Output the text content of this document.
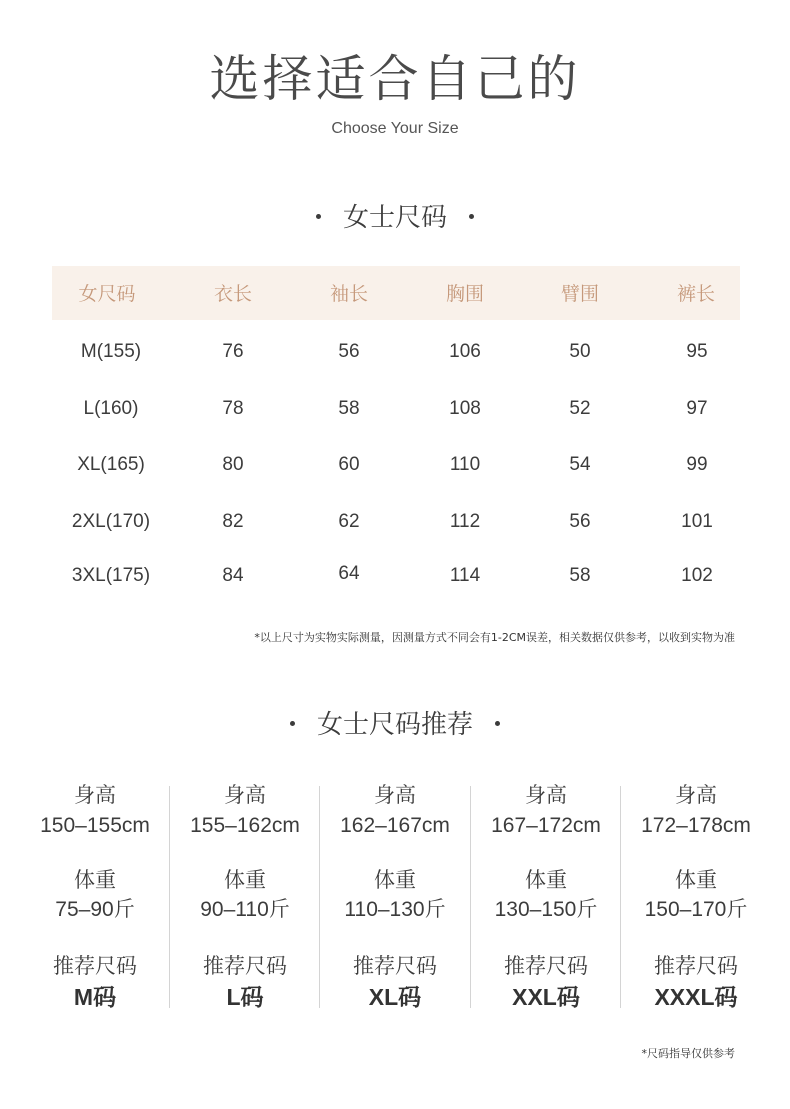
选择适合自己的
Choose Your Size
女士尺码
女尺码	衣长	袖长	胸围	臂围	裤长
M(155)	76	56	106	50	95
L(160)	78	58	108	52	97
XL(165)	80	60	110	54	99
2XL(170)	82	62	112	56	101
3XL(175)	84	64	114	58	102
*以上尺寸为实物实际测量，因测量方式不同会有1-2CM误差，相关数据仅供参考，以收到实物为准
女士尺码推荐
身高
150–155cm
体重
75–90斤
推荐尺码
M码
身高
155–162cm
体重
90–110斤
推荐尺码
L码
身高
162–167cm
体重
110–130斤
推荐尺码
XL码
身高
167–172cm
体重
130–150斤
推荐尺码
XXL码
身高
172–178cm
体重
150–170斤
推荐尺码
XXXL码
*尺码指导仅供参考
